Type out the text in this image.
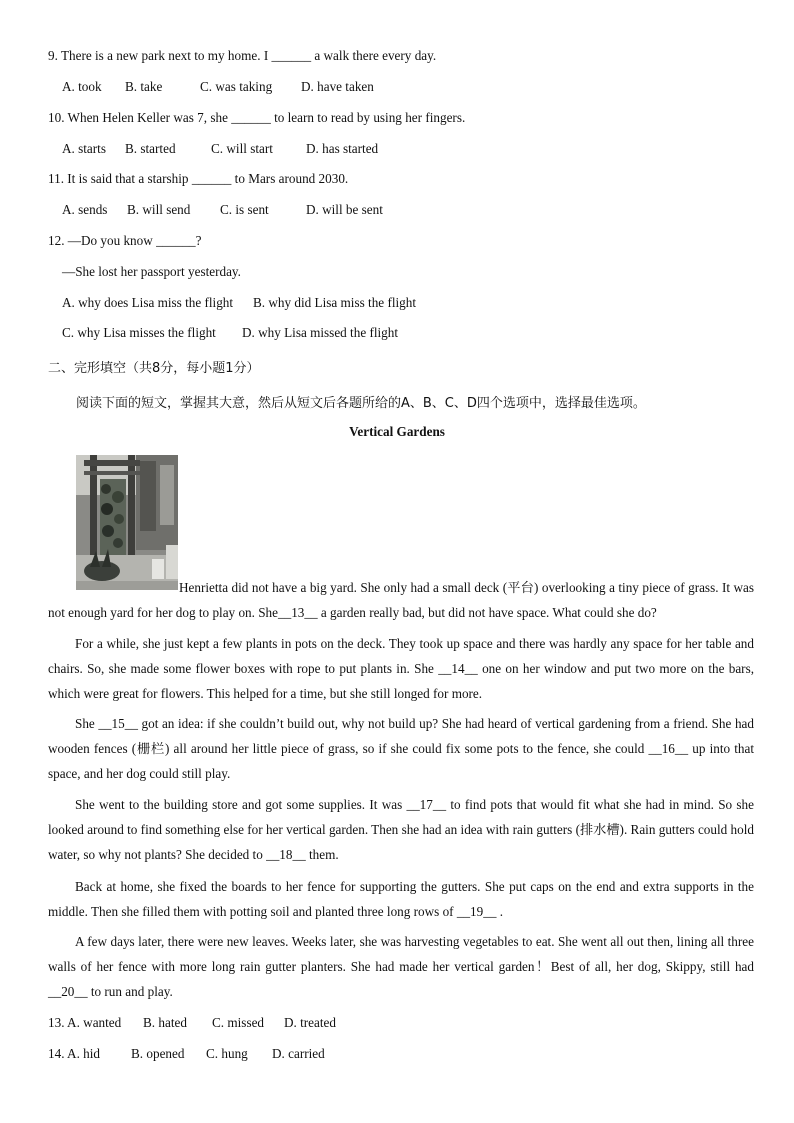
9. There is a new park next to my home. I ______ a walk there every day.
A. took B. take	C. was taking D. have taken
10. When Helen Keller was 7, she ______ to learn to read by using her fingers.
A. starts B. started	C. will start	D. has started
11. It is said that a starship ______ to Mars around 2030.
A. sends B. will send C. is sent	D. will be sent
12. —Do you know ______?
—She lost her passport yesterday.
A. why does Lisa miss the flight B. why did Lisa miss the flight
C. why Lisa misses the flight D. why Lisa missed the flight
二、完形填空（共8分，每小题1分）
阅读下面的短文，掌握其大意，然后从短文后各题所给的A、B、C、D四个选项中，选择最佳选项。
Vertical Gardens
Henrietta did not have a big yard. She only had a small deck (平台) overlooking a tiny piece of grass. It was not enough yard for her dog to play on. She__13__ a garden really bad, but did not have space. What could she do?
For a while, she just kept a few plants in pots on the deck. They took up space and there was hardly any space for her table and chairs. So, she made some flower boxes with rope to put plants in. She __14__ one on her window and put two more on the bars, which were great for flowers. This helped for a time, but she still longed for more.
She __15__ got an idea: if she couldn’t build out, why not build up? She had heard of vertical gardening from a friend. She had wooden fences (栅栏) all around her little piece of grass, so if she could fix some pots to the fence, she could __16__ up into that space, and her dog could still play.
She went to the building store and got some supplies. It was __17__ to find pots that would fit what she had in mind. So she looked around to find something else for her vertical garden. Then she had an idea with rain gutters (排水槽). Rain gutters could hold water, so why not plants? She decided to __18__ them.
Back at home, she fixed the boards to her fence for supporting the gutters. She put caps on the end and extra supports in the middle. Then she filled them with potting soil and planted three long rows of __19__ .
A few days later, there were new leaves. Weeks later, she was harvesting vegetables to eat. She went all out then, lining all three walls of her fence with more long rain gutter planters. She had made her vertical garden！Best of all, her dog, Skippy, still had __20__ to run and play.
13. A. wanted B. hated C. missed D. treated
14. A. hid B. opened C. hung D. carried
